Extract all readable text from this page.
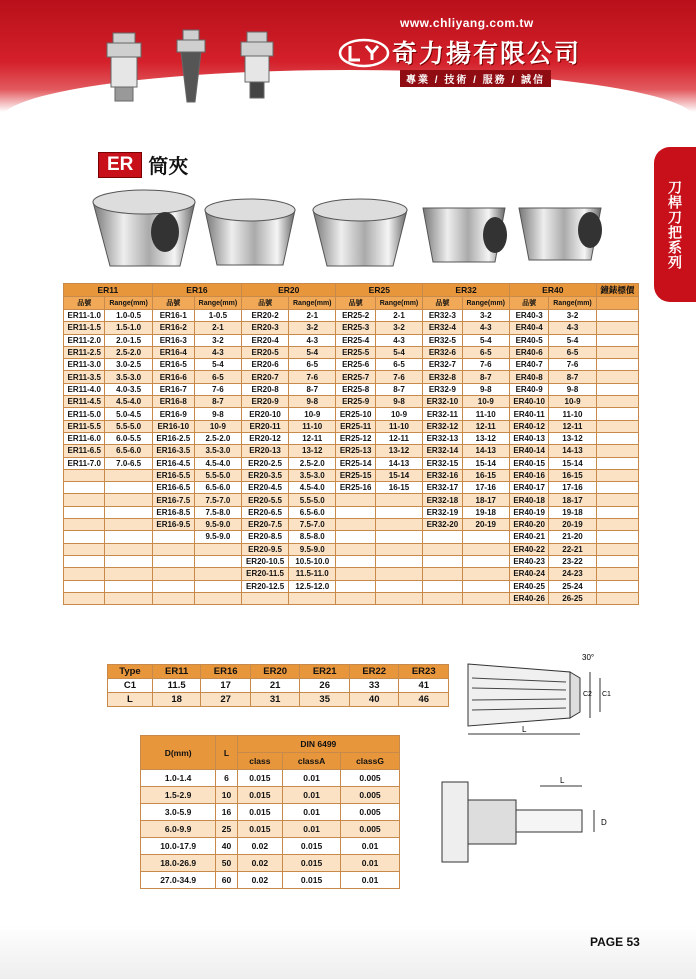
www.chliyang.com.tw
奇力揚有限公司
專業 / 技術 / 服務 / 誠信
刀桿刀把系列
ER 筒夾
ER11		ER16		ER20		ER25		ER32		ER40		鐘錶標價
品號	Range(mm)	品號	Range(mm)	品號	Range(mm)	品號	Range(mm)	品號	Range(mm)	品號	Range(mm)	
ER11-1.0	1.0-0.5	ER16-1	1-0.5	ER20-2	2-1	ER25-2	2-1	ER32-3	3-2	ER40-3	3-2	
ER11-1.5	1.5-1.0	ER16-2	2-1	ER20-3	3-2	ER25-3	3-2	ER32-4	4-3	ER40-4	4-3	
ER11-2.0	2.0-1.5	ER16-3	3-2	ER20-4	4-3	ER25-4	4-3	ER32-5	5-4	ER40-5	5-4	
ER11-2.5	2.5-2.0	ER16-4	4-3	ER20-5	5-4	ER25-5	5-4	ER32-6	6-5	ER40-6	6-5	
ER11-3.0	3.0-2.5	ER16-5	5-4	ER20-6	6-5	ER25-6	6-5	ER32-7	7-6	ER40-7	7-6	
ER11-3.5	3.5-3.0	ER16-6	6-5	ER20-7	7-6	ER25-7	7-6	ER32-8	8-7	ER40-8	8-7	
ER11-4.0	4.0-3.5	ER16-7	7-6	ER20-8	8-7	ER25-8	8-7	ER32-9	9-8	ER40-9	9-8	
ER11-4.5	4.5-4.0	ER16-8	8-7	ER20-9	9-8	ER25-9	9-8	ER32-10	10-9	ER40-10	10-9	
ER11-5.0	5.0-4.5	ER16-9	9-8	ER20-10	10-9	ER25-10	10-9	ER32-11	11-10	ER40-11	11-10	
ER11-5.5	5.5-5.0	ER16-10	10-9	ER20-11	11-10	ER25-11	11-10	ER32-12	12-11	ER40-12	12-11	
ER11-6.0	6.0-5.5	ER16-2.5	2.5-2.0	ER20-12	12-11	ER25-12	12-11	ER32-13	13-12	ER40-13	13-12	
ER11-6.5	6.5-6.0	ER16-3.5	3.5-3.0	ER20-13	13-12	ER25-13	13-12	ER32-14	14-13	ER40-14	14-13	
ER11-7.0	7.0-6.5	ER16-4.5	4.5-4.0	ER20-2.5	2.5-2.0	ER25-14	14-13	ER32-15	15-14	ER40-15	15-14	
		ER16-5.5	5.5-5.0	ER20-3.5	3.5-3.0	ER25-15	15-14	ER32-16	16-15	ER40-16	16-15	
		ER16-6.5	6.5-6.0	ER20-4.5	4.5-4.0	ER25-16	16-15	ER32-17	17-16	ER40-17	17-16	
		ER16-7.5	7.5-7.0	ER20-5.5	5.5-5.0			ER32-18	18-17	ER40-18	18-17	
		ER16-8.5	7.5-8.0	ER20-6.5	6.5-6.0			ER32-19	19-18	ER40-19	19-18	
		ER16-9.5	9.5-9.0	ER20-7.5	7.5-7.0			ER32-20	20-19	ER40-20	20-19	
			9.5-9.0	ER20-8.5	8.5-8.0					ER40-21	21-20	
				ER20-9.5	9.5-9.0					ER40-22	22-21	
				ER20-10.5	10.5-10.0					ER40-23	23-22	
				ER20-11.5	11.5-11.0					ER40-24	24-23	
				ER20-12.5	12.5-12.0					ER40-25	25-24	
										ER40-26	26-25	
Type	ER11	ER16	ER20	ER21	ER22	ER23
C1	11.5	17	21	26	33	41
L	18	27	31	35	40	46
30°
C2 C1
L
D(mm)	L	DIN 6499		
		class	classA	classG
1.0-1.4	6	0.015	0.01	0.005
1.5-2.9	10	0.015	0.01	0.005
3.0-5.9	16	0.015	0.01	0.005
6.0-9.9	25	0.015	0.01	0.005
10.0-17.9	40	0.02	0.015	0.01
18.0-26.9	50	0.02	0.015	0.01
27.0-34.9	60	0.02	0.015	0.01
L
D
PAGE 53
